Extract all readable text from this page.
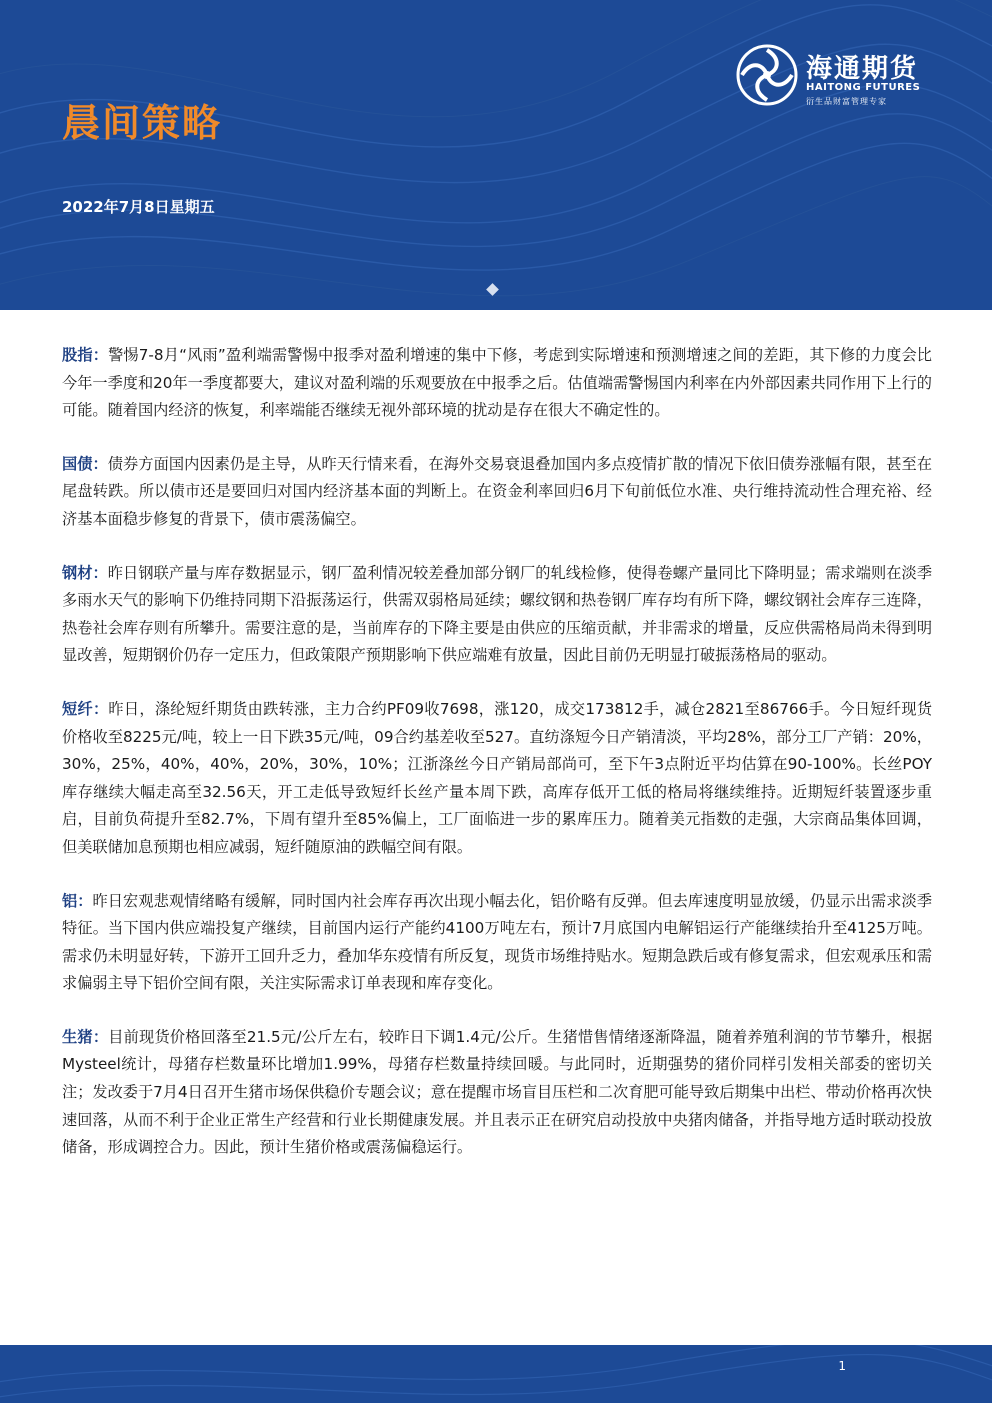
海通期货
HAITONG FUTURES
衍生品财富管理专家
晨间策略
2022年7月8日星期五

股指：警惕7-8月“风雨”盈利端需警惕中报季对盈利增速的集中下修，考虑到实际增速和预测增速之间的差距，其下修的力度会比今年一季度和20年一季度都要大，建议对盈利端的乐观要放在中报季之后。估值端需警惕国内利率在内外部因素共同作用下上行的可能。随着国内经济的恢复，利率端能否继续无视外部环境的扰动是存在很大不确定性的。

国债：债券方面国内因素仍是主导，从昨天行情来看，在海外交易衰退叠加国内多点疫情扩散的情况下依旧债券涨幅有限，甚至在尾盘转跌。所以债市还是要回归对国内经济基本面的判断上。在资金利率回归6月下旬前低位水准、央行维持流动性合理充裕、经济基本面稳步修复的背景下，债市震荡偏空。

钢材：昨日钢联产量与库存数据显示，钢厂盈利情况较差叠加部分钢厂的轧线检修，使得卷螺产量同比下降明显；需求端则在淡季多雨水天气的影响下仍维持同期下沿振荡运行，供需双弱格局延续；螺纹钢和热卷钢厂库存均有所下降，螺纹钢社会库存三连降，热卷社会库存则有所攀升。需要注意的是，当前库存的下降主要是由供应的压缩贡献，并非需求的增量，反应供需格局尚未得到明显改善，短期钢价仍存一定压力，但政策限产预期影响下供应端难有放量，因此目前仍无明显打破振荡格局的驱动。

短纤：昨日，涤纶短纤期货由跌转涨，主力合约PF09收7698，涨120，成交173812手，减仓2821至86766手。今日短纤现货价格收至8225元/吨，较上一日下跌35元/吨，09合约基差收至527。直纺涤短今日产销清淡，平均28%，部分工厂产销：20%，30%，25%，40%，40%，20%，30%，10%；江浙涤丝今日产销局部尚可，至下午3点附近平均估算在90-100%。长丝POY库存继续大幅走高至32.56天，开工走低导致短纤长丝产量本周下跌，高库存低开工低的格局将继续维持。近期短纤装置逐步重启，目前负荷提升至82.7%，下周有望升至85%偏上，工厂面临进一步的累库压力。随着美元指数的走强，大宗商品集体回调，但美联储加息预期也相应减弱，短纤随原油的跌幅空间有限。

铝：昨日宏观悲观情绪略有缓解，同时国内社会库存再次出现小幅去化，铝价略有反弹。但去库速度明显放缓，仍显示出需求淡季特征。当下国内供应端投复产继续，目前国内运行产能约4100万吨左右，预计7月底国内电解铝运行产能继续抬升至4125万吨。需求仍未明显好转，下游开工回升乏力，叠加华东疫情有所反复，现货市场维持贴水。短期急跌后或有修复需求，但宏观承压和需求偏弱主导下铝价空间有限，关注实际需求订单表现和库存变化。

生猪：目前现货价格回落至21.5元/公斤左右，较昨日下调1.4元/公斤。生猪惜售情绪逐渐降温，随着养殖利润的节节攀升，根据Mysteel统计，母猪存栏数量环比增加1.99%，母猪存栏数量持续回暖。与此同时，近期强势的猪价同样引发相关部委的密切关注；发改委于7月4日召开生猪市场保供稳价专题会议；意在提醒市场盲目压栏和二次育肥可能导致后期集中出栏、带动价格再次快速回落，从而不利于企业正常生产经营和行业长期健康发展。并且表示正在研究启动投放中央猪肉储备，并指导地方适时联动投放储备，形成调控合力。因此，预计生猪价格或震荡偏稳运行。

1
